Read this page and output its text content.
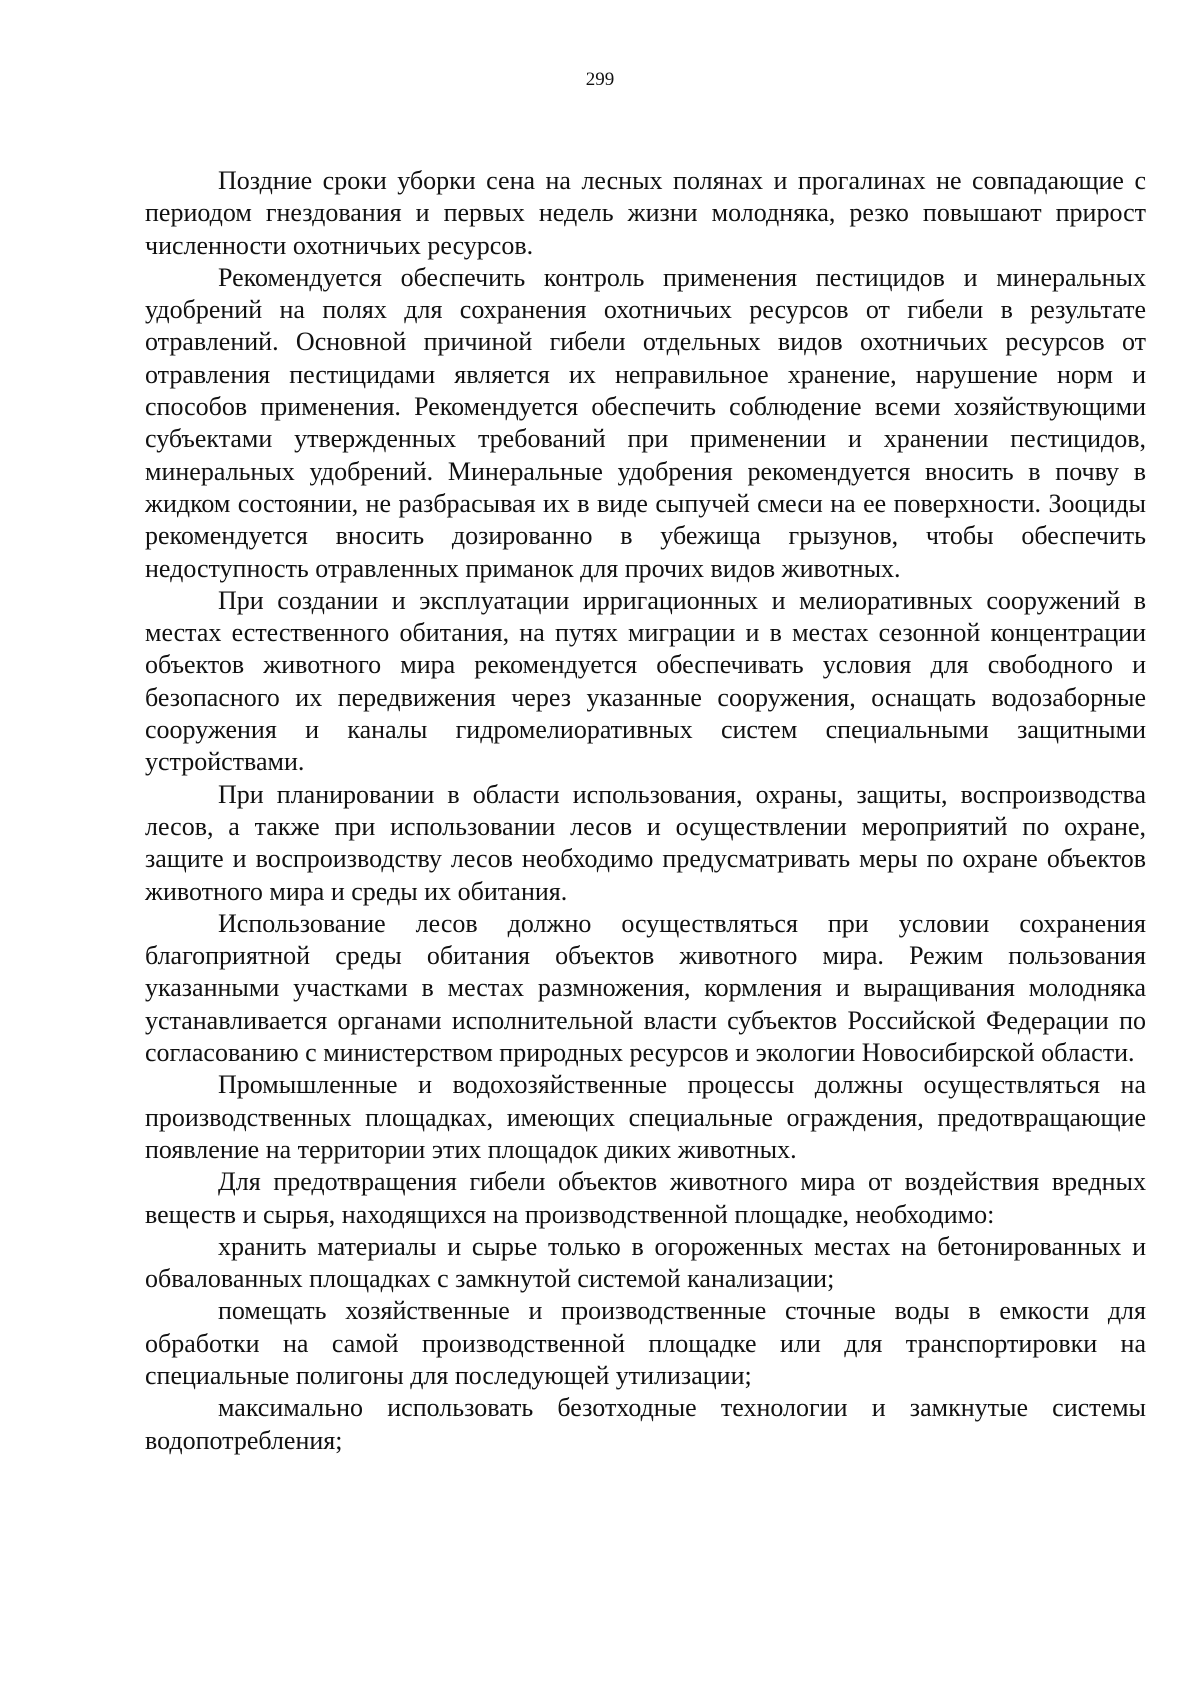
299

Поздние сроки уборки сена на лесных полянах и прогалинах не совпадающие с периодом гнездования и первых недель жизни молодняка, резко повышают прирост численности охотничьих ресурсов.

Рекомендуется обеспечить контроль применения пестицидов и минеральных удобрений на полях для сохранения охотничьих ресурсов от гибели в результате отравлений. Основной причиной гибели отдельных видов охотничьих ресурсов от отравления пестицидами является их неправильное хранение, нарушение норм и способов применения. Рекомендуется обеспечить соблюдение всеми хозяйствующими субъектами утвержденных требований при применении и хранении пестицидов, минеральных удобрений. Минеральные удобрения рекомендуется вносить в почву в жидком состоянии, не разбрасывая их в виде сыпучей смеси на ее поверхности. Зооциды рекомендуется вносить дозированно в убежища грызунов, чтобы обеспечить недоступность отравленных приманок для прочих видов животных.

При создании и эксплуатации ирригационных и мелиоративных сооружений в местах естественного обитания, на путях миграции и в местах сезонной концентрации объектов животного мира рекомендуется обеспечивать условия для свободного и безопасного их передвижения через указанные сооружения, оснащать водозаборные сооружения и каналы гидромелиоративных систем специальными защитными устройствами.

При планировании в области использования, охраны, защиты, воспроизводства лесов, а также при использовании лесов и осуществлении мероприятий по охране, защите и воспроизводству лесов необходимо предусматривать меры по охране объектов животного мира и среды их обитания.

Использование лесов должно осуществляться при условии сохранения благоприятной среды обитания объектов животного мира. Режим пользования указанными участками в местах размножения, кормления и выращивания молодняка устанавливается органами исполнительной власти субъектов Российской Федерации по согласованию с министерством природных ресурсов и экологии Новосибирской области.

Промышленные и водохозяйственные процессы должны осуществляться на производственных площадках, имеющих специальные ограждения, предотвращающие появление на территории этих площадок диких животных.

Для предотвращения гибели объектов животного мира от воздействия вредных веществ и сырья, находящихся на производственной площадке, необходимо:

хранить материалы и сырье только в огороженных местах на бетонированных и обвалованных площадках с замкнутой системой канализации;

помещать хозяйственные и производственные сточные воды в емкости для обработки на самой производственной площадке или для транспортировки на специальные полигоны для последующей утилизации;

максимально использовать безотходные технологии и замкнутые системы водопотребления;
